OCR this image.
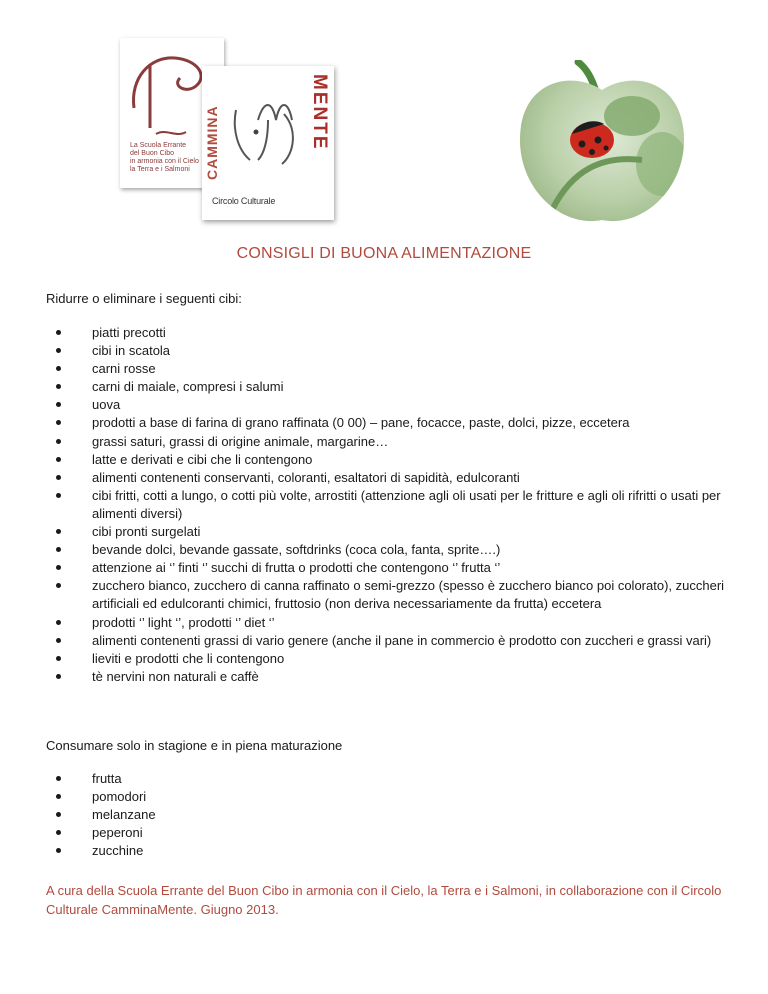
La Scuola Errante
del Buon Cibo
in armonia con il Cielo
la Terra e i Salmoni	CAMMINA	MENTE
Circolo Culturale
CONSIGLI DI BUONA ALIMENTAZIONE
Ridurre o eliminare i seguenti cibi:
piatti precotti
cibi in scatola
carni rosse
carni di maiale, compresi i salumi
uova
prodotti a base di farina di grano raffinata (0 00) – pane, focacce, paste, dolci, pizze, eccetera
grassi saturi, grassi di origine animale, margarine…
latte e derivati e cibi che li contengono
alimenti contenenti conservanti, coloranti, esaltatori di sapidità, edulcoranti
cibi fritti, cotti a lungo, o cotti più volte, arrostiti (attenzione agli oli usati per le fritture e agli oli rifritti o usati per alimenti diversi)
cibi pronti surgelati
bevande dolci, bevande gassate, softdrinks (coca cola, fanta, sprite….)
attenzione ai ‘’ finti ‘’ succhi di frutta o prodotti che contengono ‘’ frutta ‘’
zucchero bianco, zucchero di canna raffinato o semi-grezzo (spesso è zucchero bianco poi colorato), zuccheri artificiali ed edulcoranti chimici, fruttosio (non deriva necessariamente da frutta) eccetera
prodotti ‘’ light ‘’, prodotti ‘’ diet ‘’
alimenti contenenti grassi di vario genere (anche il pane in commercio è prodotto con zuccheri e grassi vari)
lieviti e prodotti che li contengono
tè nervini non naturali e caffè
Consumare solo in stagione e in piena maturazione
frutta
pomodori
melanzane
peperoni
zucchine
A cura della Scuola Errante del Buon Cibo in armonia con il Cielo, la Terra e i Salmoni, in collaborazione con il Circolo Culturale CamminaMente. Giugno 2013.
